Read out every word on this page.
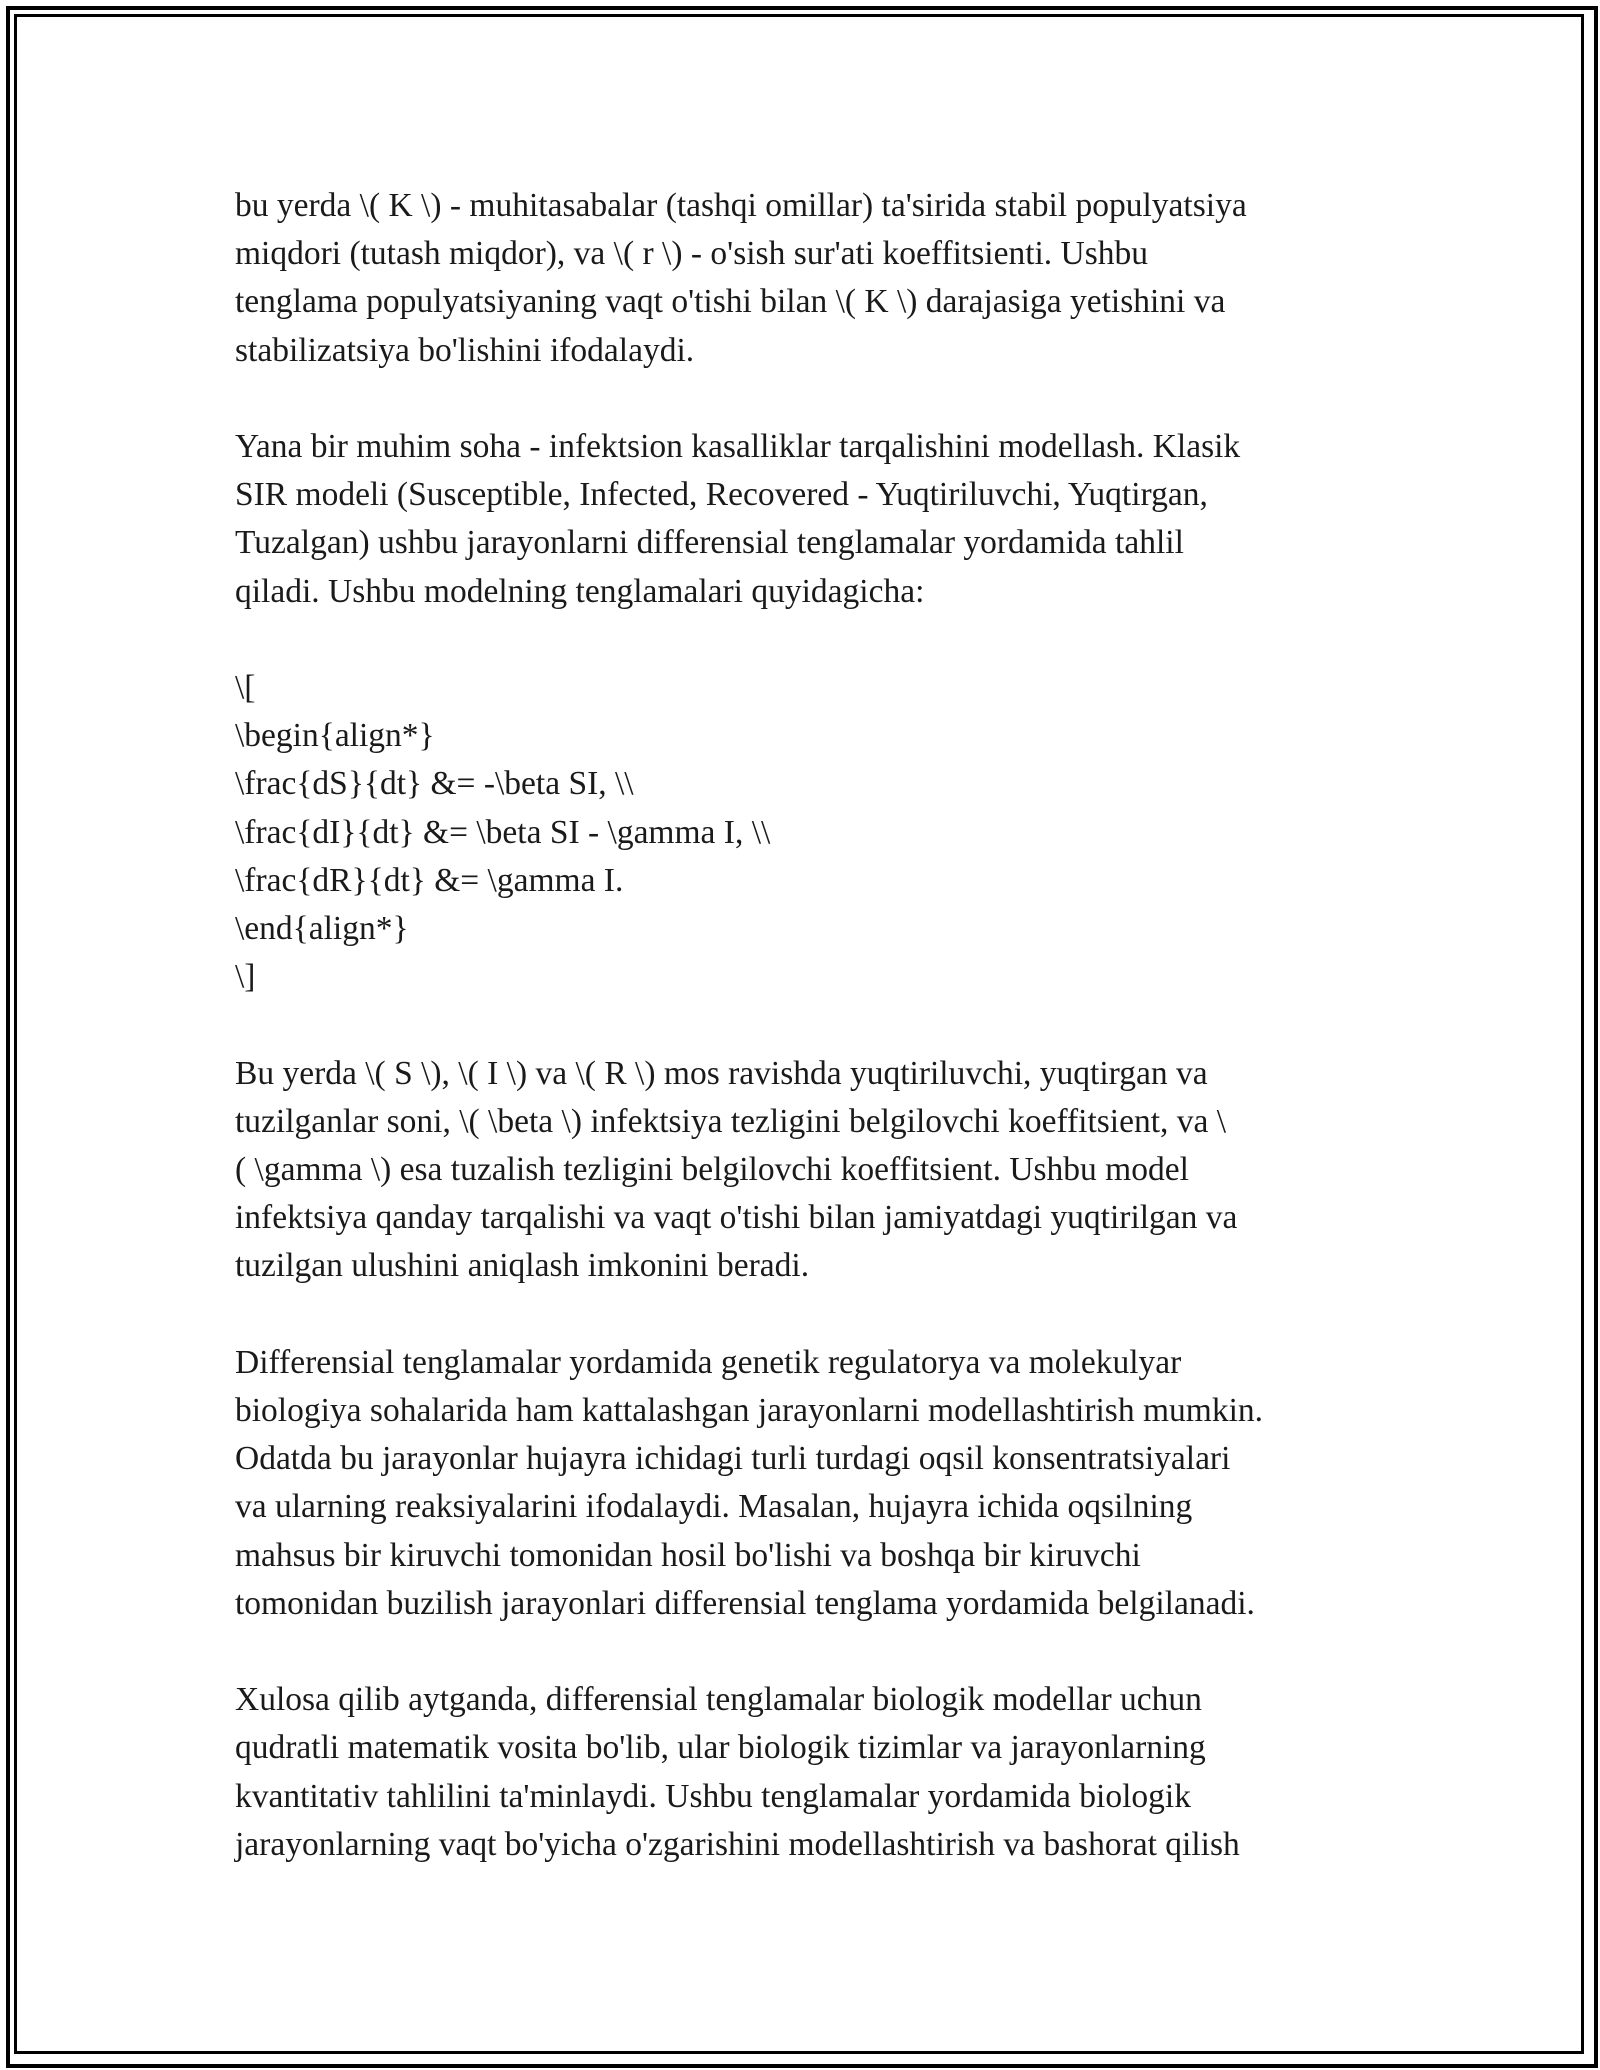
bu yerda \( K \) - muhitasabalar (tashqi omillar) ta'sirida stabil populyatsiya
miqdori (tutash miqdor), va \( r \) - o'sish sur'ati koeffitsienti. Ushbu
tenglama populyatsiyaning vaqt o'tishi bilan \( K \) darajasiga yetishini va
stabilizatsiya bo'lishini ifodalaydi.

Yana bir muhim soha - infektsion kasalliklar tarqalishini modellash. Klasik
SIR modeli (Susceptible, Infected, Recovered - Yuqtiriluvchi, Yuqtirgan,
Tuzalgan) ushbu jarayonlarni differensial tenglamalar yordamida tahlil
qiladi. Ushbu modelning tenglamalari quyidagicha:

\[
\begin{align*}
\frac{dS}{dt} &= -\beta SI, \\
\frac{dI}{dt} &= \beta SI - \gamma I, \\
\frac{dR}{dt} &= \gamma I.
\end{align*}
\]

Bu yerda \( S \), \( I \) va \( R \) mos ravishda yuqtiriluvchi, yuqtirgan va
tuzilganlar soni, \( \beta \) infektsiya tezligini belgilovchi koeffitsient, va \
( \gamma \) esa tuzalish tezligini belgilovchi koeffitsient. Ushbu model
infektsiya qanday tarqalishi va vaqt o'tishi bilan jamiyatdagi yuqtirilgan va
tuzilgan ulushini aniqlash imkonini beradi.

Differensial tenglamalar yordamida genetik regulatorya va molekulyar
biologiya sohalarida ham kattalashgan jarayonlarni modellashtirish mumkin.
Odatda bu jarayonlar hujayra ichidagi turli turdagi oqsil konsentratsiyalari
va ularning reaksiyalarini ifodalaydi. Masalan, hujayra ichida oqsilning
mahsus bir kiruvchi tomonidan hosil bo'lishi va boshqa bir kiruvchi
tomonidan buzilish jarayonlari differensial tenglama yordamida belgilanadi.

Xulosa qilib aytganda, differensial tenglamalar biologik modellar uchun
qudratli matematik vosita bo'lib, ular biologik tizimlar va jarayonlarning
kvantitativ tahlilini ta'minlaydi. Ushbu tenglamalar yordamida biologik
jarayonlarning vaqt bo'yicha o'zgarishini modellashtirish va bashorat qilish
